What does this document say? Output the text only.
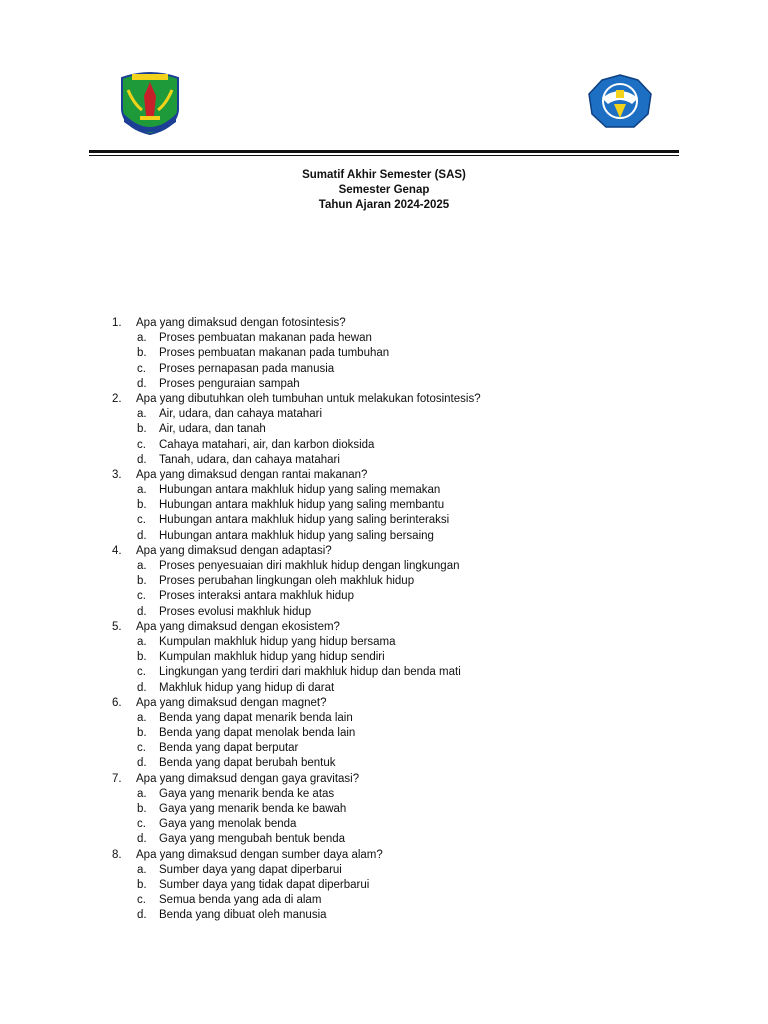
Sumatif Akhir Semester (SAS)
Semester Genap
Tahun Ajaran 2024-2025
1. Apa yang dimaksud dengan fotosintesis?
a. Proses pembuatan makanan pada hewan
b. Proses pembuatan makanan pada tumbuhan
c. Proses pernapasan pada manusia
d. Proses penguraian sampah
2. Apa yang dibutuhkan oleh tumbuhan untuk melakukan fotosintesis?
a. Air, udara, dan cahaya matahari
b. Air, udara, dan tanah
c. Cahaya matahari, air, dan karbon dioksida
d. Tanah, udara, dan cahaya matahari
3. Apa yang dimaksud dengan rantai makanan?
a. Hubungan antara makhluk hidup yang saling memakan
b. Hubungan antara makhluk hidup yang saling membantu
c. Hubungan antara makhluk hidup yang saling berinteraksi
d. Hubungan antara makhluk hidup yang saling bersaing
4. Apa yang dimaksud dengan adaptasi?
a. Proses penyesuaian diri makhluk hidup dengan lingkungan
b. Proses perubahan lingkungan oleh makhluk hidup
c. Proses interaksi antara makhluk hidup
d. Proses evolusi makhluk hidup
5. Apa yang dimaksud dengan ekosistem?
a. Kumpulan makhluk hidup yang hidup bersama
b. Kumpulan makhluk hidup yang hidup sendiri
c. Lingkungan yang terdiri dari makhluk hidup dan benda mati
d. Makhluk hidup yang hidup di darat
6. Apa yang dimaksud dengan magnet?
a. Benda yang dapat menarik benda lain
b. Benda yang dapat menolak benda lain
c. Benda yang dapat berputar
d. Benda yang dapat berubah bentuk
7. Apa yang dimaksud dengan gaya gravitasi?
a. Gaya yang menarik benda ke atas
b. Gaya yang menarik benda ke bawah
c. Gaya yang menolak benda
d. Gaya yang mengubah bentuk benda
8. Apa yang dimaksud dengan sumber daya alam?
a. Sumber daya yang dapat diperbarui
b. Sumber daya yang tidak dapat diperbarui
c. Semua benda yang ada di alam
d. Benda yang dibuat oleh manusia
